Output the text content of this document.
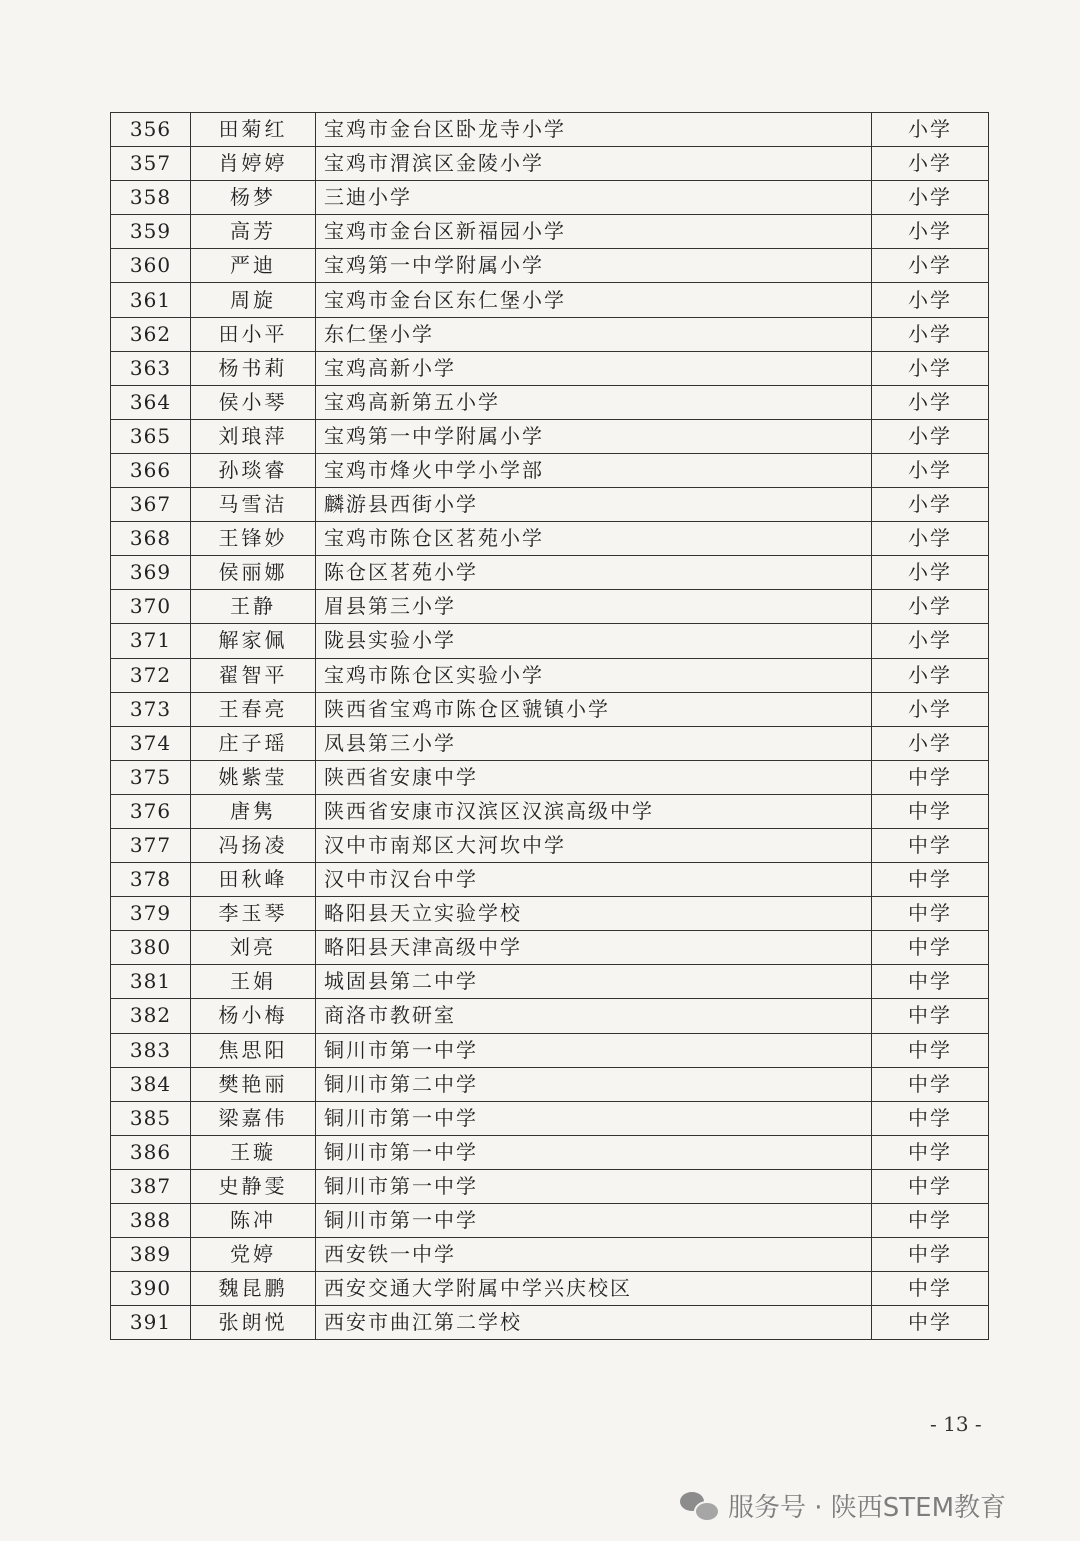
356	田菊红	宝鸡市金台区卧龙寺小学	小学
357	肖婷婷	宝鸡市渭滨区金陵小学	小学
358	杨梦	三迪小学	小学
359	高芳	宝鸡市金台区新福园小学	小学
360	严迪	宝鸡第一中学附属小学	小学
361	周旋	宝鸡市金台区东仁堡小学	小学
362	田小平	东仁堡小学	小学
363	杨书莉	宝鸡高新小学	小学
364	侯小琴	宝鸡高新第五小学	小学
365	刘琅萍	宝鸡第一中学附属小学	小学
366	孙琰睿	宝鸡市烽火中学小学部	小学
367	马雪洁	麟游县西街小学	小学
368	王锋妙	宝鸡市陈仓区茗苑小学	小学
369	侯丽娜	陈仓区茗苑小学	小学
370	王静	眉县第三小学	小学
371	解家佩	陇县实验小学	小学
372	翟智平	宝鸡市陈仓区实验小学	小学
373	王春亮	陕西省宝鸡市陈仓区虢镇小学	小学
374	庄子瑶	凤县第三小学	小学
375	姚紫莹	陕西省安康中学	中学
376	唐隽	陕西省安康市汉滨区汉滨高级中学	中学
377	冯扬凌	汉中市南郑区大河坎中学	中学
378	田秋峰	汉中市汉台中学	中学
379	李玉琴	略阳县天立实验学校	中学
380	刘亮	略阳县天津高级中学	中学
381	王娟	城固县第二中学	中学
382	杨小梅	商洛市教研室	中学
383	焦思阳	铜川市第一中学	中学
384	樊艳丽	铜川市第二中学	中学
385	梁嘉伟	铜川市第一中学	中学
386	王璇	铜川市第一中学	中学
387	史静雯	铜川市第一中学	中学
388	陈冲	铜川市第一中学	中学
389	党婷	西安铁一中学	中学
390	魏昆鹏	西安交通大学附属中学兴庆校区	中学
391	张朗悦	西安市曲江第二学校	中学
- 13 -
服务号 · 陕西STEM教育
